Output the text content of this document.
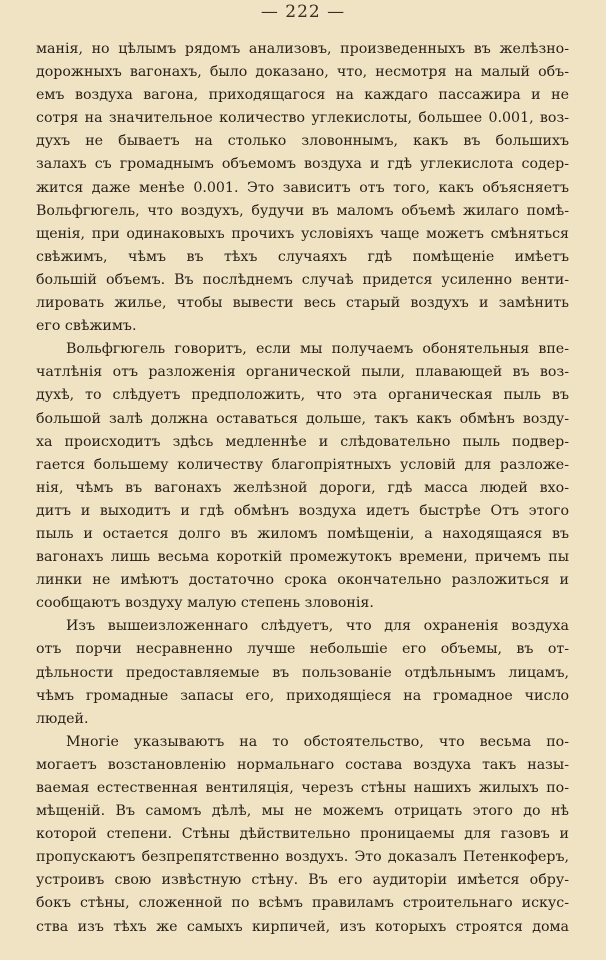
— 222 —
манія, но цѣлымъ рядомъ анализовъ, произведенныхъ въ желѣзно-
дорожныхъ вагонахъ, было доказано, что, несмотря на малый объ-
емъ воздуха вагона, приходящагося на каждаго пассажира и не
сотря на значительное количество углекислоты, большее 0.001, воз-
духъ не бываетъ на столько зловоннымъ, какъ въ большихъ
залахъ съ громаднымъ объемомъ воздуха и гдѣ углекислота содер-
жится даже менѣе 0.001. Это зависитъ отъ того, какъ объясняетъ
Вольфгюгель, что воздухъ, будучи въ маломъ объемѣ жилаго помѣ-
щенія, при одинаковыхъ прочихъ условіяхъ чаще можетъ смѣняться
свѣжимъ, чѣмъ въ тѣхъ случаяхъ гдѣ помѣщеніе имѣетъ
большій объемъ. Въ послѣднемъ случаѣ придется усиленно венти-
лировать жилье, чтобы вывести весь старый воздухъ и замѣнить
его свѣжимъ.
Вольфгюгель говоритъ, если мы получаемъ обонятельныя впе-
чатлѣнія отъ разложенія органической пыли, плавающей въ воз-
духѣ, то слѣдуетъ предположить, что эта органическая пыль въ
большой залѣ должна оставаться дольше, такъ какъ обмѣнъ возду-
ха происходитъ здѣсь медленнѣе и слѣдовательно пыль подвер-
гается большему количеству благопріятныхъ условій для разложе-
нія, чѣмъ въ вагонахъ желѣзной дороги, гдѣ масса людей вхо-
дитъ и выходитъ и гдѣ обмѣнъ воздуха идетъ быстрѣе Отъ этого
пыль и остается долго въ жиломъ помѣщеніи, а находящаяся въ
вагонахъ лишь весьма короткій промежутокъ времени, причемъ пы
линки не имѣютъ достаточно срока окончательно разложиться и
сообщаютъ воздуху малую степень зловонія.
Изъ вышеизложеннаго слѣдуетъ, что для охраненія воздуха
отъ порчи несравненно лучше небольшіе его объемы, въ от-
дѣльности предоставляемые въ пользованіе отдѣльнымъ лицамъ,
чѣмъ громадные запасы его, приходящіеся на громадное число
людей.
Многіе указываютъ на то обстоятельство, что весьма по-
могаетъ возстановленію нормальнаго состава воздуха такъ назы-
ваемая естественная вентиляція, черезъ стѣны нашихъ жилыхъ по-
мѣщеній. Въ самомъ дѣлѣ, мы не можемъ отрицать этого до нѣ
которой степени. Стѣны дѣйствительно проницаемы для газовъ и
пропускаютъ безпрепятственно воздухъ. Это доказалъ Петенкоферъ,
устроивъ свою извѣстную стѣну. Въ его аудиторіи имѣется обру-
бокъ стѣны, сложенной по всѣмъ правиламъ строительнаго искус-
ства изъ тѣхъ же самыхъ кирпичей, изъ которыхъ строятся дома
